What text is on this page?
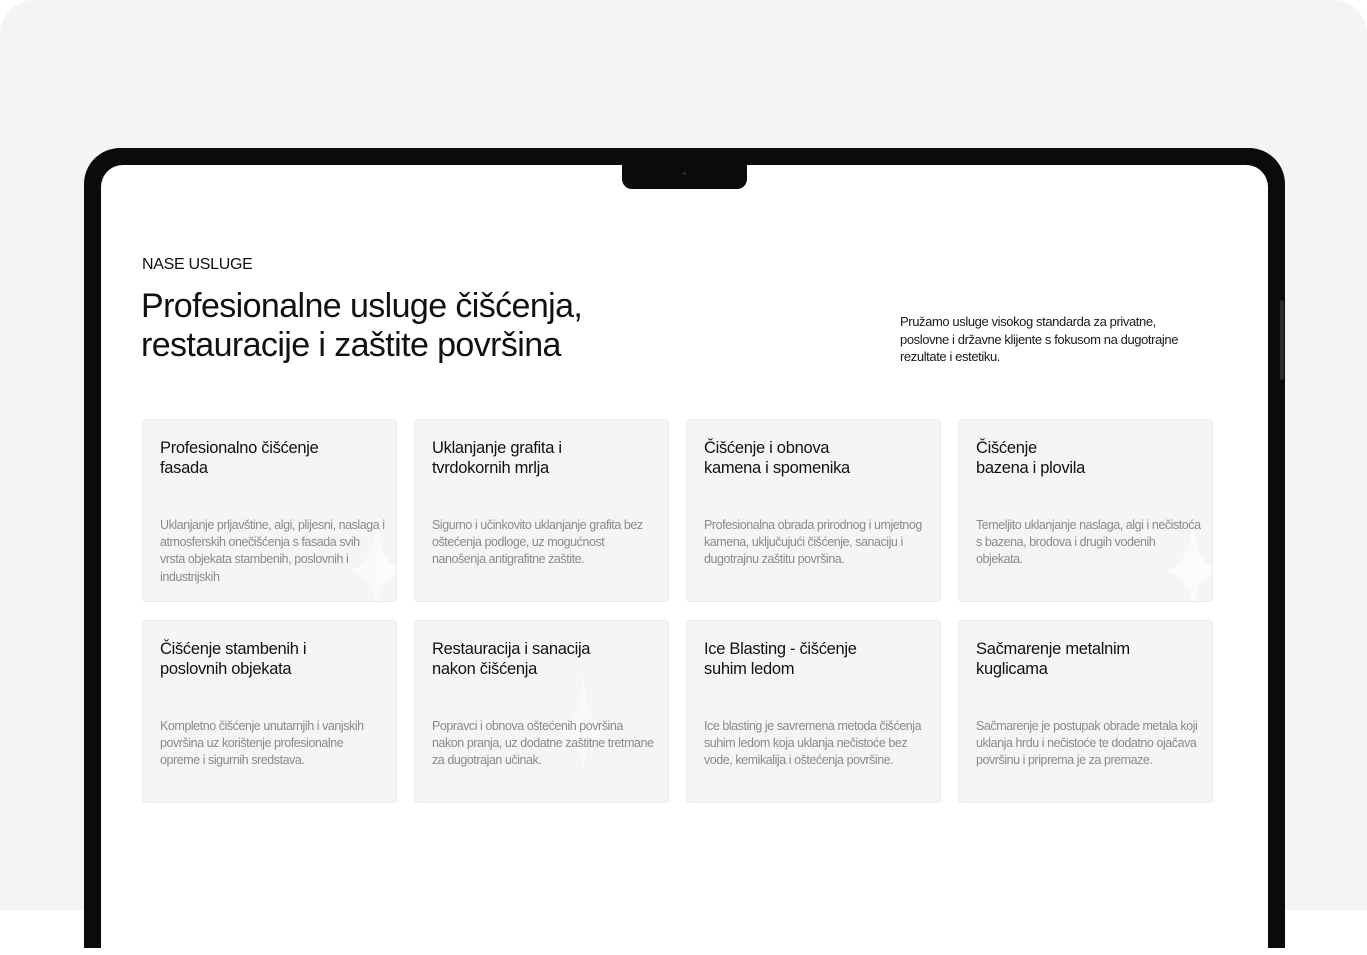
NASE USLUGE
Profesionalne usluge čišćenja,
restauracije i zaštite površina
Pružamo usluge visokog standarda za privatne, poslovne i državne klijente s fokusom na dugotrajne rezultate i estetiku.
Profesionalno čišćenje
fasada
Uklanjanje prljavštine, algi, plijesni, naslaga i atmosferskih onečišćenja s fasada svih vrsta objekata stambenih, poslovnih i industrijskih
Uklanjanje grafita i
tvrdokornih mrlja
Sigurno i učinkovito uklanjanje grafita bez oštećenja podloge, uz mogućnost nanošenja antigrafitne zaštite.
Čišćenje i obnova
kamena i spomenika
Profesionalna obrada prirodnog i umjetnog kamena, uključujući čišćenje, sanaciju i dugotrajnu zaštitu površina.
Čišćenje
bazena i plovila
Temeljito uklanjanje naslaga, algi i nečistoća s bazena, brodova i drugih vodenih objekata.
Čišćenje stambenih i
poslovnih objekata
Kompletno čišćenje unutarnjih i vanjskih površina uz korištenje profesionalne opreme i sigurnih sredstava.
Restauracija i sanacija
nakon čišćenja
Popravci i obnova oštećenih površina nakon pranja, uz dodatne zaštitne tretmane za dugotrajan učinak.
Ice Blasting - čišćenje
suhim ledom
Ice blasting je savremena metoda čišćenja suhim ledom koja uklanja nečistoće bez vode, kemikalija i oštećenja površine.
Sačmarenje metalnim
kuglicama
Sačmarenje je postupak obrade metala koji uklanja hrdu i nečistoće te dodatno ojačava površinu i priprema je za premaze.
